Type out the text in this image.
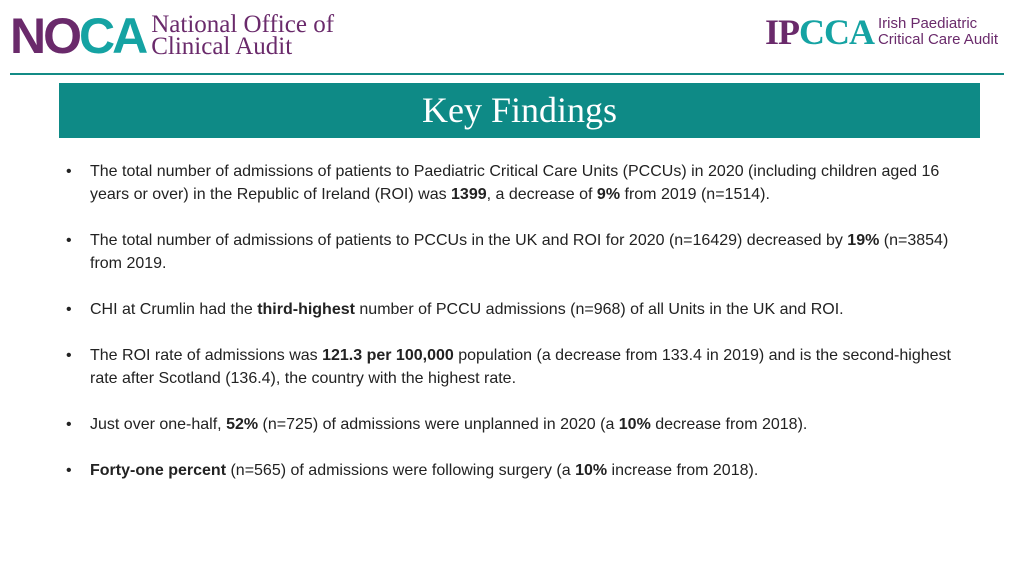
NOCA National Office of
Clinical Audit	IPCCA Irish Paediatric
Critical Care Audit
Key Findings
• The total number of admissions of patients to Paediatric Critical Care Units (PCCUs) in 2020 (including children aged 16 years or over) in the Republic of Ireland (ROI) was 1399, a decrease of 9% from 2019 (n=1514).
• The total number of admissions of patients to PCCUs in the UK and ROI for 2020 (n=16429) decreased by 19% (n=3854) from 2019.
• CHI at Crumlin had the third-highest number of PCCU admissions (n=968) of all Units in the UK and ROI.
• The ROI rate of admissions was 121.3 per 100,000 population (a decrease from 133.4 in 2019) and is the second-highest rate after Scotland (136.4), the country with the highest rate.
• Just over one-half, 52% (n=725) of admissions were unplanned in 2020 (a 10% decrease from 2018).
• Forty-one percent (n=565) of admissions were following surgery (a 10% increase from 2018).
